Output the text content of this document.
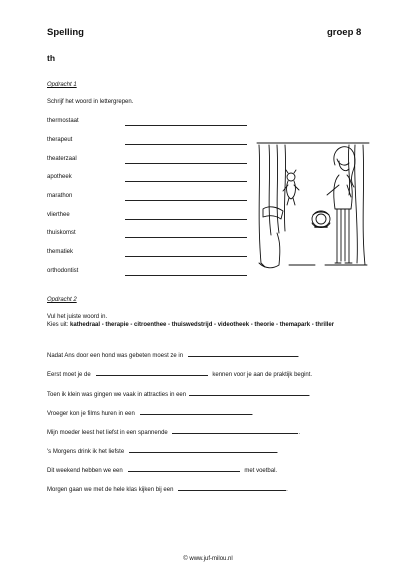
Spelling	groep 8
th
Opdracht 1
Schrijf het woord in lettergrepen.
thermostaat
therapeut
theaterzaal
apotheek
marathon
vlierthee
thuiskomst
thematiek
orthodontist
Opdracht 2
Vul het juiste woord in.
Kies uit: kathedraal - therapie - citroenthee - thuiswedstrijd - videotheek - theorie - themapark - thriller
Nadat Ans door een hond was gebeten moest ze in	.
Eerst moet je de	kennen voor je aan de praktijk begint.
Toen ik klein was gingen we vaak in attracties in een	.
Vroeger kon je films huren in een	.
Mijn moeder leest het liefst in een spannende	.
's Morgens drink ik het liefste	.
Dit weekend hebben we een	met voetbal.
Morgen gaan we met de hele klas kijken bij een	.
© www.juf-milou.nl
